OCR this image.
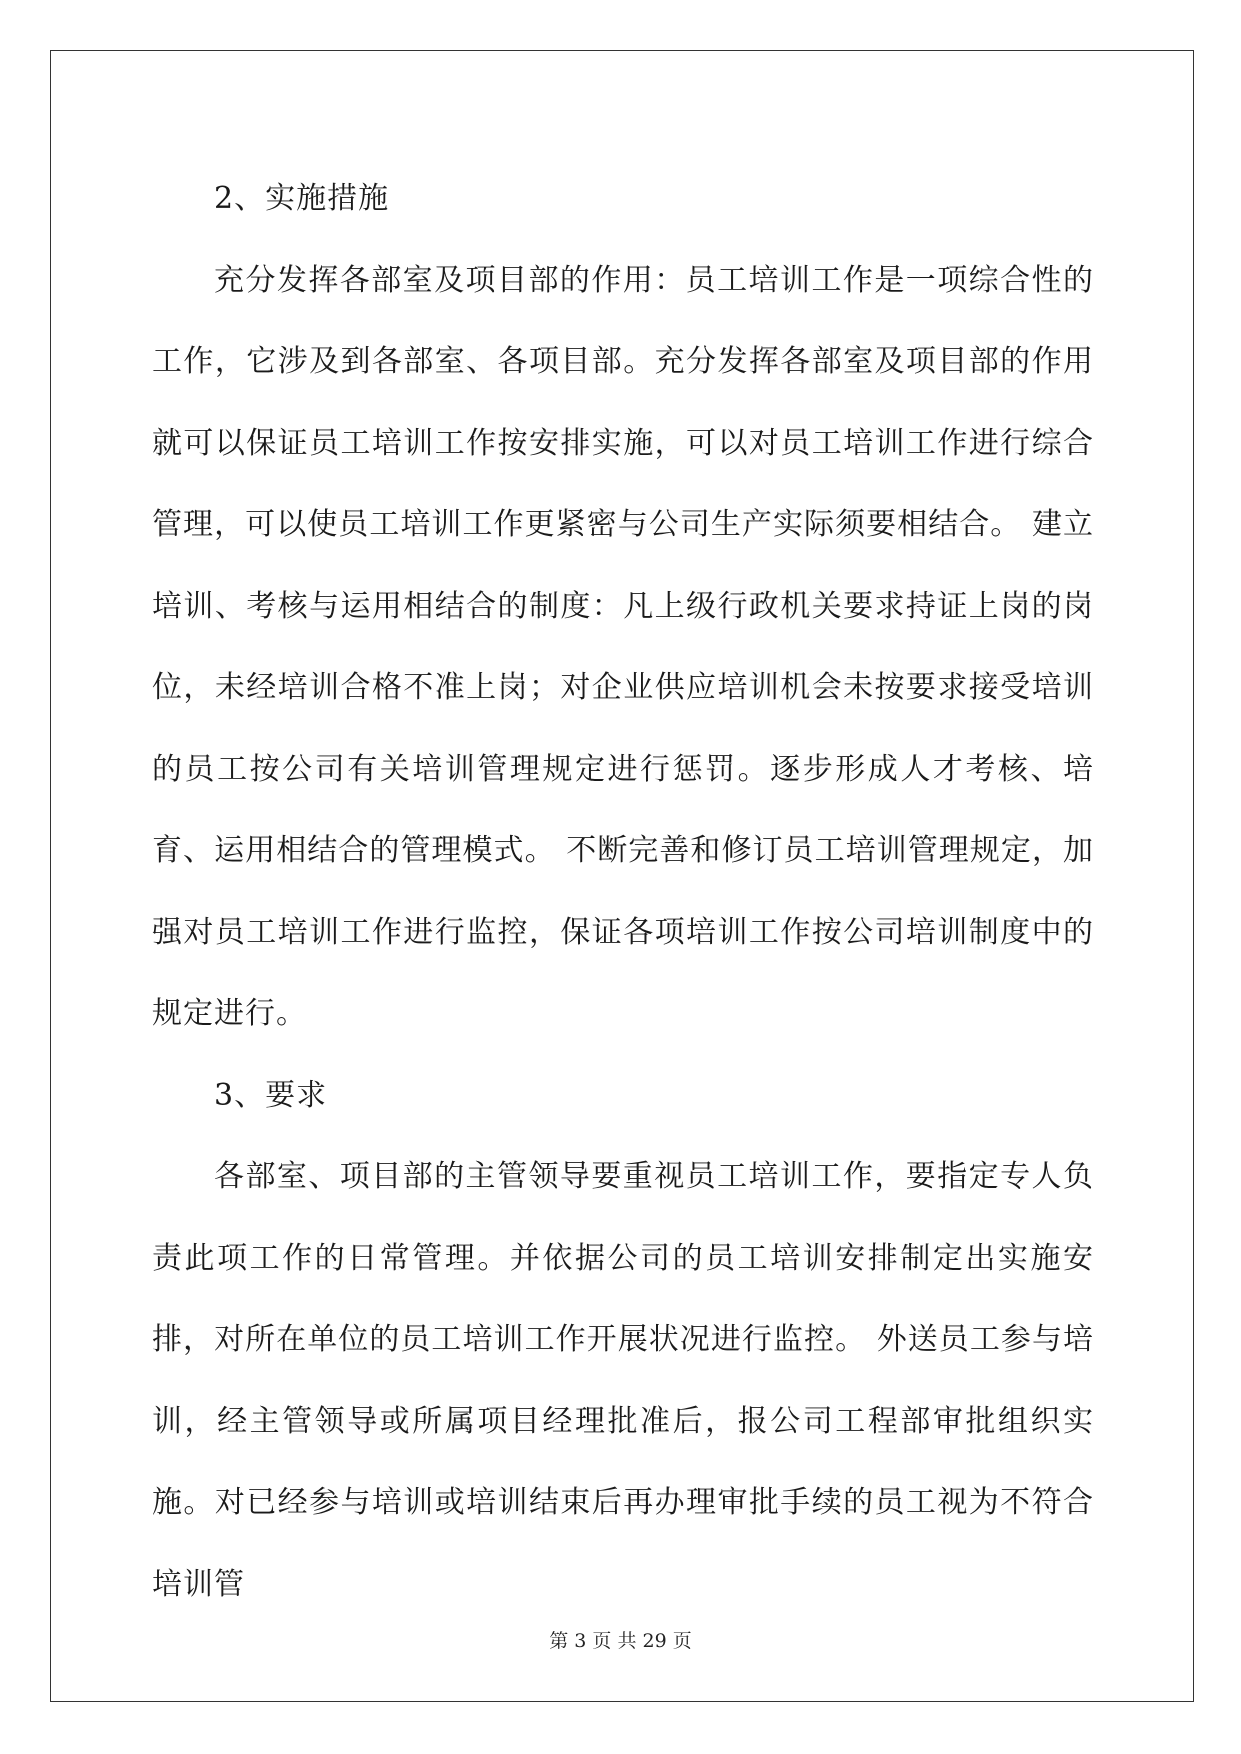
2、实施措施

充分发挥各部室及项目部的作用：员工培训工作是一项综合性的工作，它涉及到各部室、各项目部。充分发挥各部室及项目部的作用就可以保证员工培训工作按安排实施，可以对员工培训工作进行综合管理，可以使员工培训工作更紧密与公司生产实际须要相结合。 建立培训、考核与运用相结合的制度：凡上级行政机关要求持证上岗的岗位，未经培训合格不准上岗；对企业供应培训机会未按要求接受培训的员工按公司有关培训管理规定进行惩罚。逐步形成人才考核、培育、运用相结合的管理模式。 不断完善和修订员工培训管理规定，加强对员工培训工作进行监控，保证各项培训工作按公司培训制度中的规定进行。

3、要求

各部室、项目部的主管领导要重视员工培训工作，要指定专人负责此项工作的日常管理。并依据公司的员工培训安排制定出实施安排，对所在单位的员工培训工作开展状况进行监控。 外送员工参与培训，经主管领导或所属项目经理批准后，报公司工程部审批组织实施。对已经参与培训或培训结束后再办理审批手续的员工视为不符合培训管

第 3 页 共 29 页
